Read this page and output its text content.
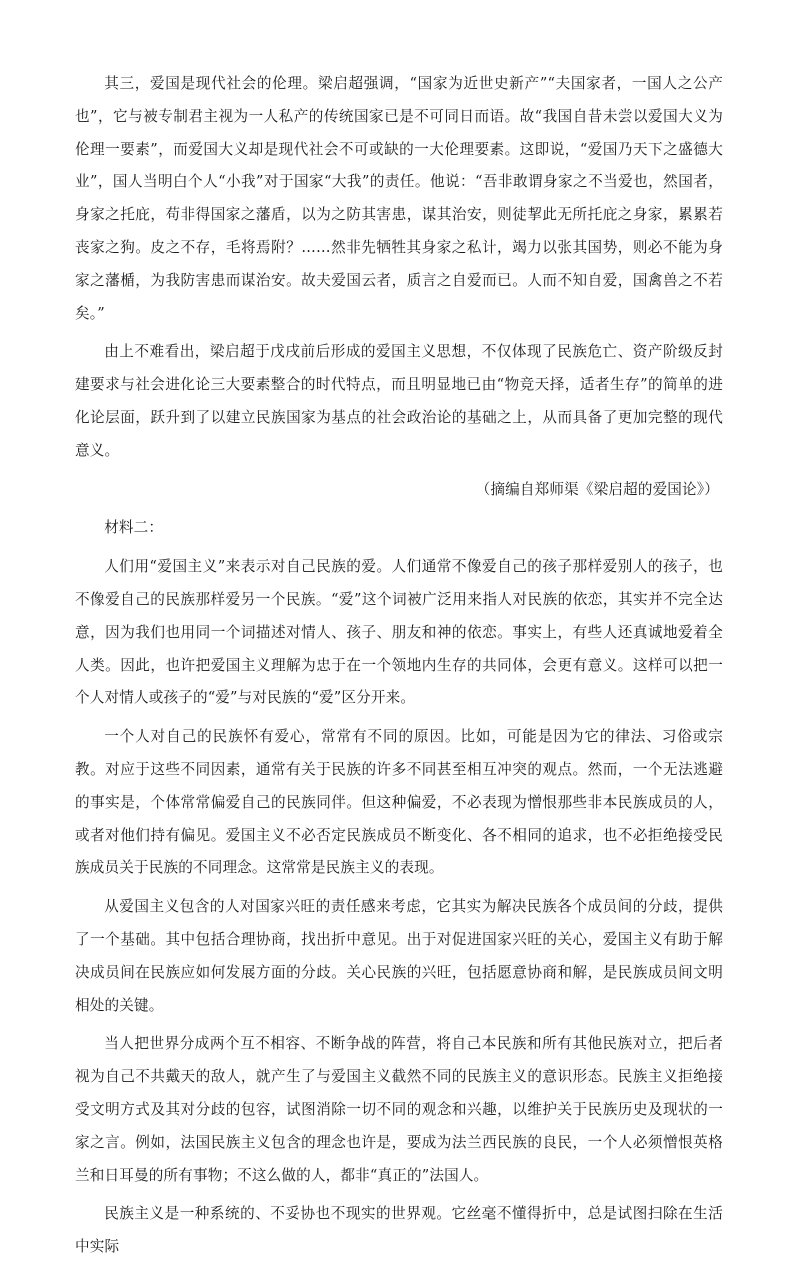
其三，爱国是现代社会的伦理。梁启超强调，“国家为近世史新产”“夫国家者，一国人之公产也”，它与被专制君主视为一人私产的传统国家已是不可同日而语。故“我国自昔未尝以爱国大义为伦理一要素”，而爱国大义却是现代社会不可或缺的一大伦理要素。这即说，“爱国乃天下之盛德大业”，国人当明白个人“小我”对于国家“大我”的责任。他说：“吾非敢谓身家之不当爱也，然国者，身家之托庇，苟非得国家之藩盾，以为之防其害患，谋其治安，则徒挈此无所托庇之身家，累累若丧家之狗。皮之不存，毛将焉附？……然非先牺牲其身家之私计，竭力以张其国势，则必不能为身家之藩楯，为我防害患而谋治安。故夫爱国云者，质言之自爱而已。人而不知自爱，国禽兽之不若矣。”

由上不难看出，梁启超于戊戌前后形成的爱国主义思想，不仅体现了民族危亡、资产阶级反封建要求与社会进化论三大要素整合的时代特点，而且明显地已由“物竞天择，适者生存”的简单的进化论层面，跃升到了以建立民族国家为基点的社会政治论的基础之上，从而具备了更加完整的现代意义。

（摘编自郑师渠《梁启超的爱国论》）

材料二：

人们用“爱国主义”来表示对自己民族的爱。人们通常不像爱自己的孩子那样爱别人的孩子，也不像爱自己的民族那样爱另一个民族。“爱”这个词被广泛用来指人对民族的依恋，其实并不完全达意，因为我们也用同一个词描述对情人、孩子、朋友和神的依恋。事实上，有些人还真诚地爱着全人类。因此，也许把爱国主义理解为忠于在一个领地内生存的共同体，会更有意义。这样可以把一个人对情人或孩子的“爱”与对民族的“爱”区分开来。

一个人对自己的民族怀有爱心，常常有不同的原因。比如，可能是因为它的律法、习俗或宗教。对应于这些不同因素，通常有关于民族的许多不同甚至相互冲突的观点。然而，一个无法逃避的事实是，个体常常偏爱自己的民族同伴。但这种偏爱，不必表现为憎恨那些非本民族成员的人，或者对他们持有偏见。爱国主义不必否定民族成员不断变化、各不相同的追求，也不必拒绝接受民族成员关于民族的不同理念。这常常是民族主义的表现。

从爱国主义包含的人对国家兴旺的责任感来考虑，它其实为解决民族各个成员间的分歧，提供了一个基础。其中包括合理协商，找出折中意见。出于对促进国家兴旺的关心，爱国主义有助于解决成员间在民族应如何发展方面的分歧。关心民族的兴旺，包括愿意协商和解，是民族成员间文明相处的关键。

当人把世界分成两个互不相容、不断争战的阵营，将自己本民族和所有其他民族对立，把后者视为自己不共戴天的敌人，就产生了与爱国主义截然不同的民族主义的意识形态。民族主义拒绝接受文明方式及其对分歧的包容，试图消除一切不同的观念和兴趣，以维护关于民族历史及现状的一家之言。例如，法国民族主义包含的理念也许是，要成为法兰西民族的良民，一个人必须憎恨英格兰和日耳曼的所有事物；不这么做的人，都非“真正的”法国人。

民族主义是一种系统的、不妥协也不现实的世界观。它丝毫不懂得折中，总是试图扫除在生活中实际
